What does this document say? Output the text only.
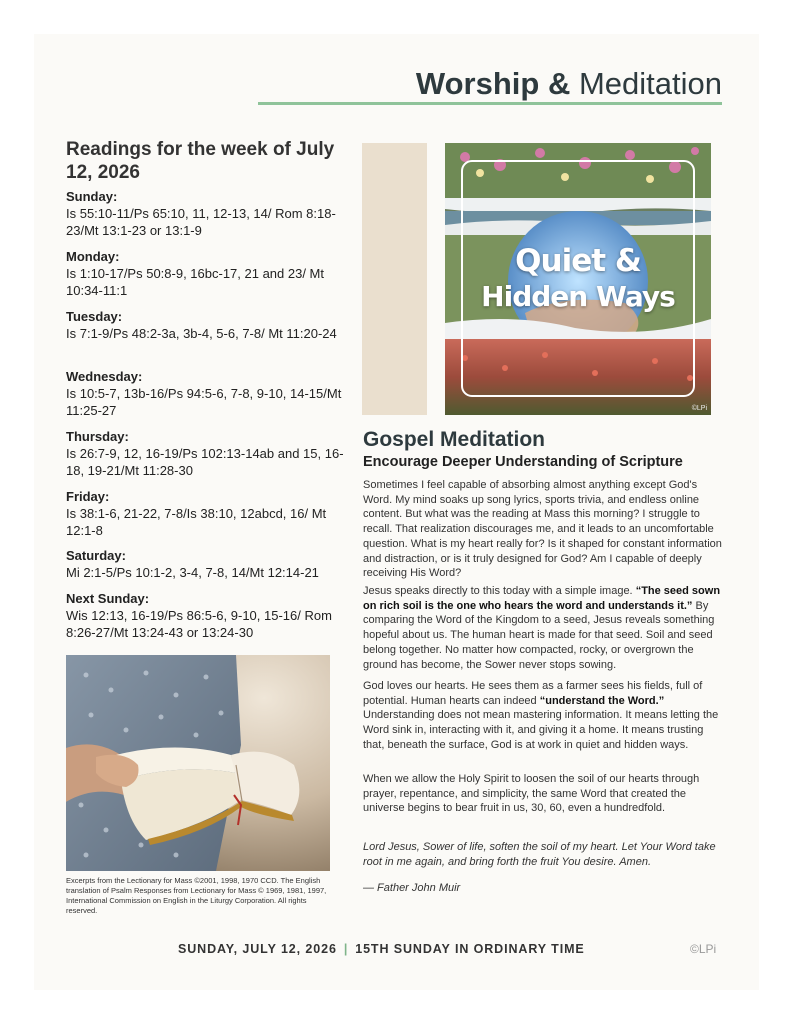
Worship & Meditation
Readings for the week of July 12, 2026
Sunday:
Is 55:10-11/Ps 65:10, 11, 12-13, 14/ Rom 8:18-23/Mt 13:1-23 or 13:1-9
Monday:
Is 1:10-17/Ps 50:8-9, 16bc-17, 21 and 23/ Mt 10:34-11:1
Tuesday:
Is 7:1-9/Ps 48:2-3a, 3b-4, 5-6, 7-8/ Mt 11:20-24
Wednesday:
Is 10:5-7, 13b-16/Ps 94:5-6, 7-8, 9-10, 14-15/Mt 11:25-27
Thursday:
Is 26:7-9, 12, 16-19/Ps 102:13-14ab and 15, 16-18, 19-21/Mt 11:28-30
Friday:
Is 38:1-6, 21-22, 7-8/Is 38:10, 12abcd, 16/ Mt 12:1-8
Saturday:
Mi 2:1-5/Ps 10:1-2, 3-4, 7-8, 14/Mt 12:14-21
Next Sunday:
Wis 12:13, 16-19/Ps 86:5-6, 9-10, 15-16/ Rom 8:26-27/Mt 13:24-43 or 13:24-30
Excerpts from the Lectionary for Mass ©2001, 1998, 1970 CCD. The English translation of Psalm Responses from Lectionary for Mass © 1969, 1981, 1997, International Commission on English in the Liturgy Corporation. All rights reserved.
Quiet &
Hidden Ways
©LPi
Gospel Meditation
Encourage Deeper Understanding of Scripture

Sometimes I feel capable of absorbing almost anything except God's Word. My mind soaks up song lyrics, sports trivia, and endless online content. But what was the reading at Mass this morning? I struggle to recall. That realization discourages me, and it leads to an uncomfortable question. What is my heart really for? Is it shaped for constant information and distraction, or is it truly designed for God? Am I capable of deeply receiving His Word?

Jesus speaks directly to this today with a simple image. “The seed sown on rich soil is the one who hears the word and understands it.” By comparing the Word of the Kingdom to a seed, Jesus reveals something hopeful about us. The human heart is made for that seed. Soil and seed belong together. No matter how compacted, rocky, or overgrown the ground has become, the Sower never stops sowing.

God loves our hearts. He sees them as a farmer sees his fields, full of potential. Human hearts can indeed “understand the Word.” Understanding does not mean mastering information. It means letting the Word sink in, interacting with it, and giving it a home. It means trusting that, beneath the surface, God is at work in quiet and hidden ways.

When we allow the Holy Spirit to loosen the soil of our hearts through prayer, repentance, and simplicity, the same Word that created the universe begins to bear fruit in us, 30, 60, even a hundredfold.

Lord Jesus, Sower of life, soften the soil of my heart. Let Your Word take root in me again, and bring forth the fruit You desire. Amen.

— Father John Muir

SUNDAY, JULY 12, 2026 | 15TH SUNDAY IN ORDINARY TIME	©LPi
